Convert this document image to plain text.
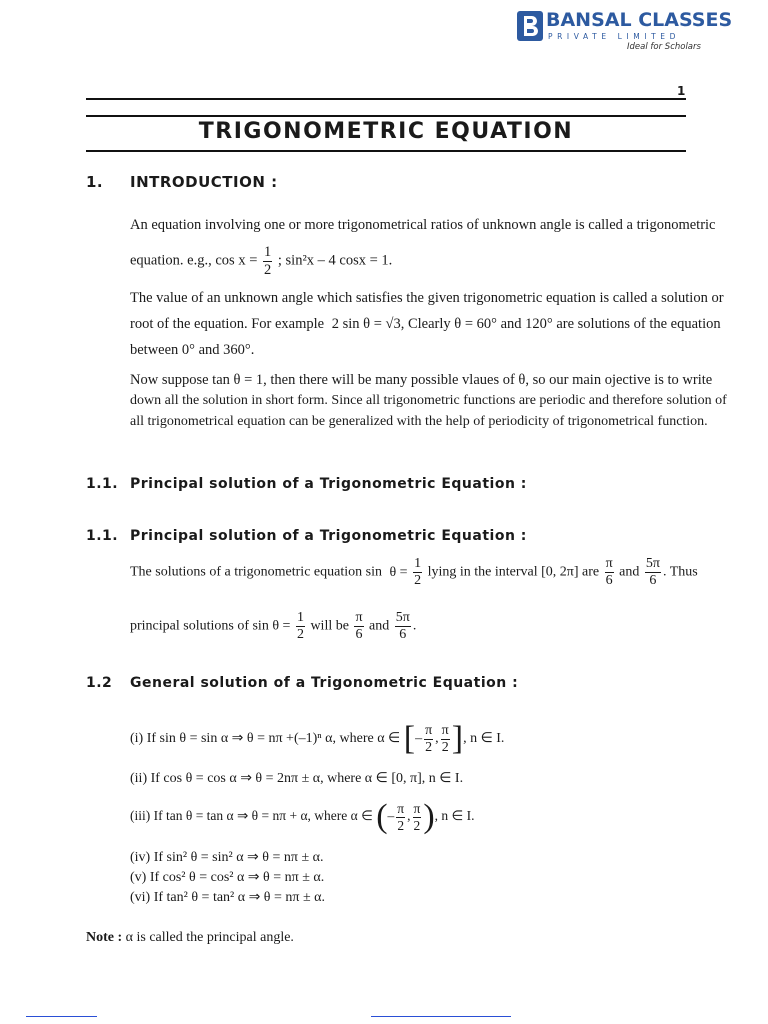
BANSAL CLASSES
PRIVATE LIMITED
Ideal for Scholars
1
TRIGONOMETRIC EQUATION
1. INTRODUCTION :
An equation involving one or more trigonometrical ratios of unknown angle is called a trigonometric
equation. e.g., $\cos x = \frac{1}{2}$ ; sin²x – 4 cosx = 1.
The value of an unknown angle which satisfies the given trigonometric equation is called a solution or
root of the equation. For example 2 sin θ = √3, Clearly θ = 60° and 120° are solutions of the equation
between 0° and 360°.
Now suppose tan θ = 1, then there will be many possible vlaues of θ, so our main ojective is to write
down all the solution in short form. Since all trigonometric functions are periodic and therefore solution of
all trigonometrical equation can be generalized with the help of periodicity of trigonometrical function.
1.1. Principal solution of a Trigonometric Equation :
1.1. Principal solution of a Trigonometric Equation :
The solutions of a trigonometric equation $\sin \theta = \frac{1}{2}$ lying in the interval [0, 2π] are $\frac{\pi}{6}$ and $\frac{5\pi}{6}$ . Thus
principal solutions of $\sin \theta = \frac{1}{2}$ will be $\frac{\pi}{6}$ and $\frac{5\pi}{6}$ .
1.2 General solution of a Trigonometric Equation :
(i) If sin θ = sin α ⇒ θ = nπ +(–1)ⁿ α, where α ∈ [– $\frac{\pi}{2}$ , $\frac{\pi}{2}$ ], n ∈ I.
(ii) If cos θ = cos α ⇒ θ = 2nπ ± α, where α ∈ [0, π], n ∈ I.
(iii) If tan θ = tan α ⇒ θ = nπ + α, where α ∈ (– $\frac{\pi}{2}$ , $\frac{\pi}{2}$ ), n ∈ I.
(iv) If sin² θ = sin² α ⇒ θ = nπ ± α.
(v) If cos² θ = cos² α ⇒ θ = nπ ± α.
(vi) If tan² θ = tan² α ⇒ θ = nπ ± α.
Note : α is called the principal angle.
